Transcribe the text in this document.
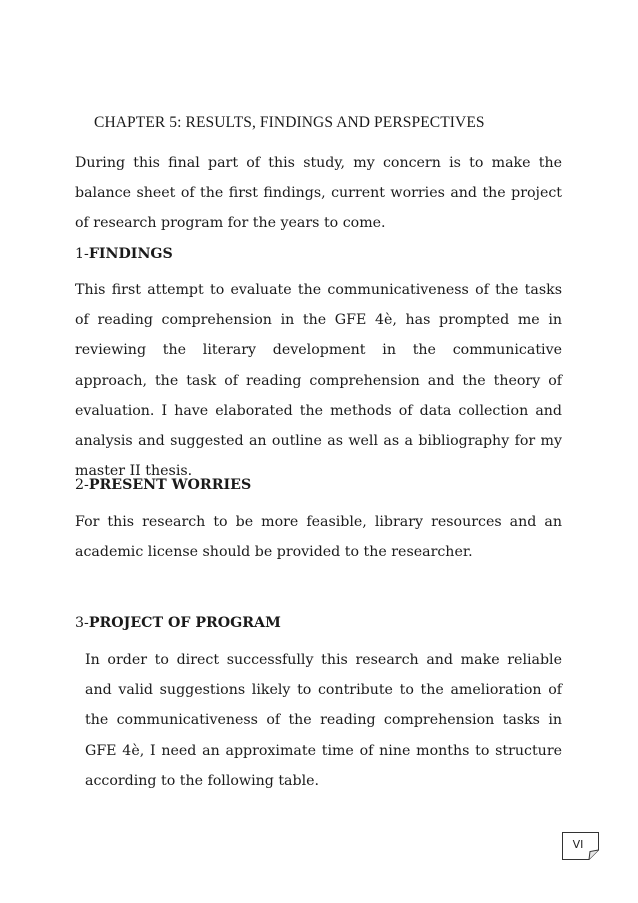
CHAPTER 5: RESULTS, FINDINGS AND PERSPECTIVES

During this final part of this study, my concern is to make the balance sheet of the first findings, current worries and the project of research program for the years to come.

1-FINDINGS

This first attempt to evaluate the communicativeness of the tasks of reading comprehension in the GFE 4è, has prompted me in reviewing the literary development in the communicative approach, the task of reading comprehension and the theory of evaluation. I have elaborated the methods of data collection and analysis and suggested an outline as well as a bibliography for my master II thesis.

2-PRESENT WORRIES

For this research to be more feasible, library resources and an academic license should be provided to the researcher.

3-PROJECT OF PROGRAM

In order to direct successfully this research and make reliable and valid suggestions likely to contribute to the amelioration of the communicativeness of the reading comprehension tasks in GFE 4è, I need an approximate time of nine months to structure according to the following table.

VI
